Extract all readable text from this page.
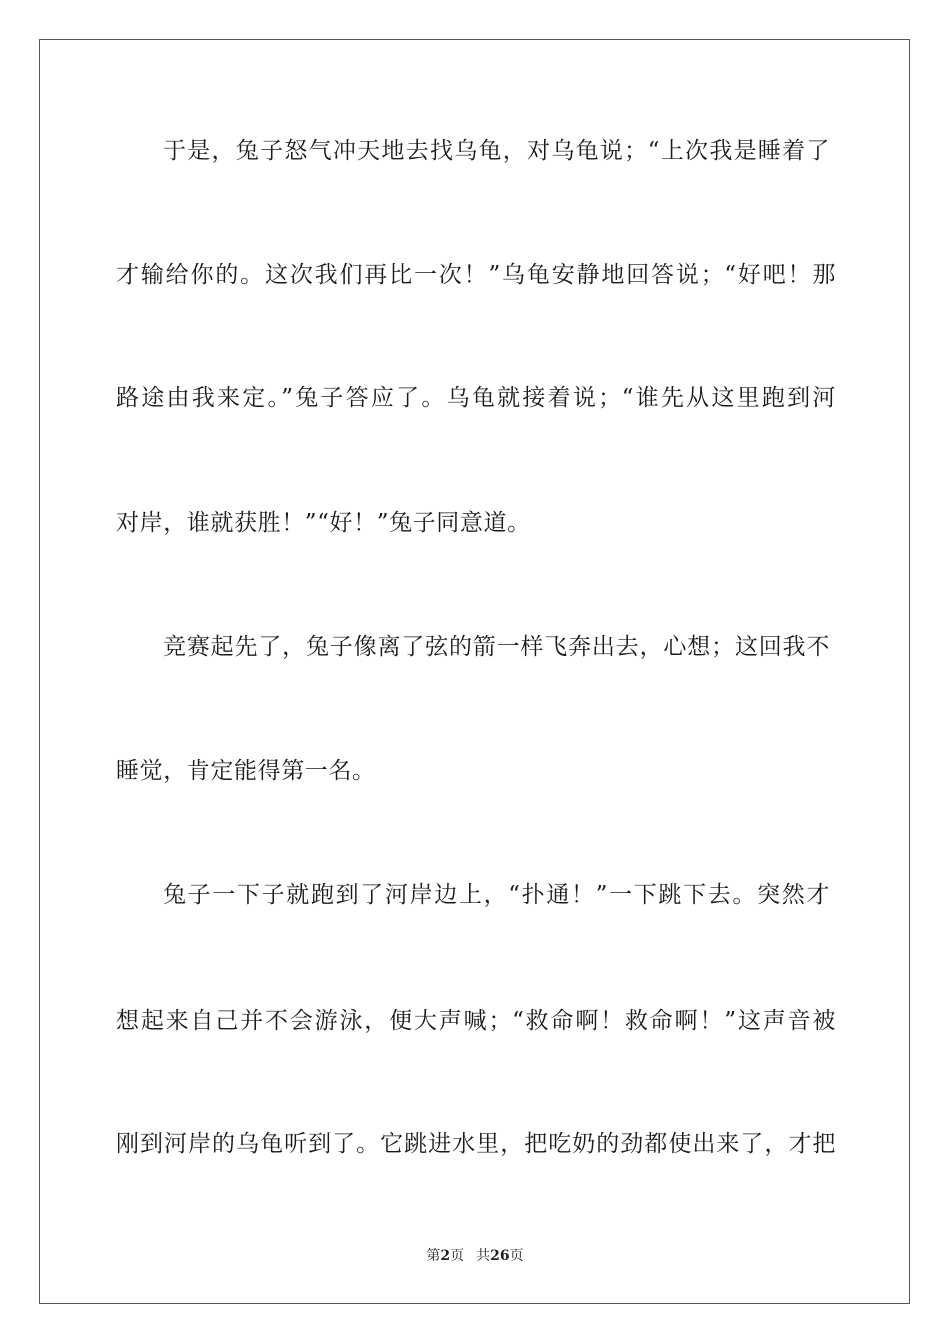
于是，兔子怒气冲天地去找乌龟，对乌龟说；“上次我是睡着了
才输给你的。这次我们再比一次！”乌龟安静地回答说；“好吧！那
路途由我来定。”兔子答应了。乌龟就接着说；“谁先从这里跑到河
对岸，谁就获胜！”“好！”兔子同意道。
竞赛起先了，兔子像离了弦的箭一样飞奔出去，心想；这回我不
睡觉，肯定能得第一名。
兔子一下子就跑到了河岸边上，“扑通！”一下跳下去。突然才
想起来自己并不会游泳，便大声喊；“救命啊！救命啊！”这声音被
刚到河岸的乌龟听到了。它跳进水里，把吃奶的劲都使出来了，才把
第2页 共26页
